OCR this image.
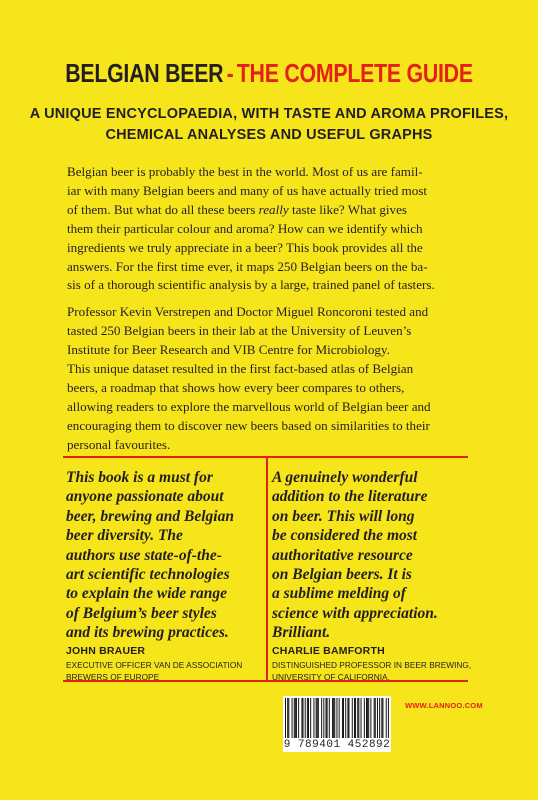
BELGIAN BEER - THE COMPLETE GUIDE
A UNIQUE ENCYCLOPAEDIA, WITH TASTE AND AROMA PROFILES,
CHEMICAL ANALYSES AND USEFUL GRAPHS
Belgian beer is probably the best in the world. Most of us are famil-
iar with many Belgian beers and many of us have actually tried most
of them. But what do all these beers really taste like? What gives
them their particular colour and aroma? How can we identify which
ingredients we truly appreciate in a beer? This book provides all the
answers. For the first time ever, it maps 250 Belgian beers on the ba-
sis of a thorough scientific analysis by a large, trained panel of tasters.
Professor Kevin Verstrepen and Doctor Miguel Roncoroni tested and
tasted 250 Belgian beers in their lab at the University of Leuven’s
Institute for Beer Research and VIB Centre for Microbiology.
This unique dataset resulted in the first fact-based atlas of Belgian
beers, a roadmap that shows how every beer compares to others,
allowing readers to explore the marvellous world of Belgian beer and
encouraging them to discover new beers based on similarities to their
personal favourites.
This book is a must for
anyone passionate about
beer, brewing and Belgian
beer diversity. The
authors use state-of-the-
art scientific technologies
to explain the wide range
of Belgium’s beer styles
and its brewing practices.
A genuinely wonderful
addition to the literature
on beer. This will long
be considered the most
authoritative resource
on Belgian beers. It is
a sublime melding of
science with appreciation.
Brilliant.
JOHN BRAUER
EXECUTIVE OFFICER VAN DE ASSOCIATION
BREWERS OF EUROPE
CHARLIE BAMFORTH
DISTINGUISHED PROFESSOR IN BEER BREWING,
UNIVERSITY OF CALIFORNIA.
9 789401 452892
WWW.LANNOO.COM
